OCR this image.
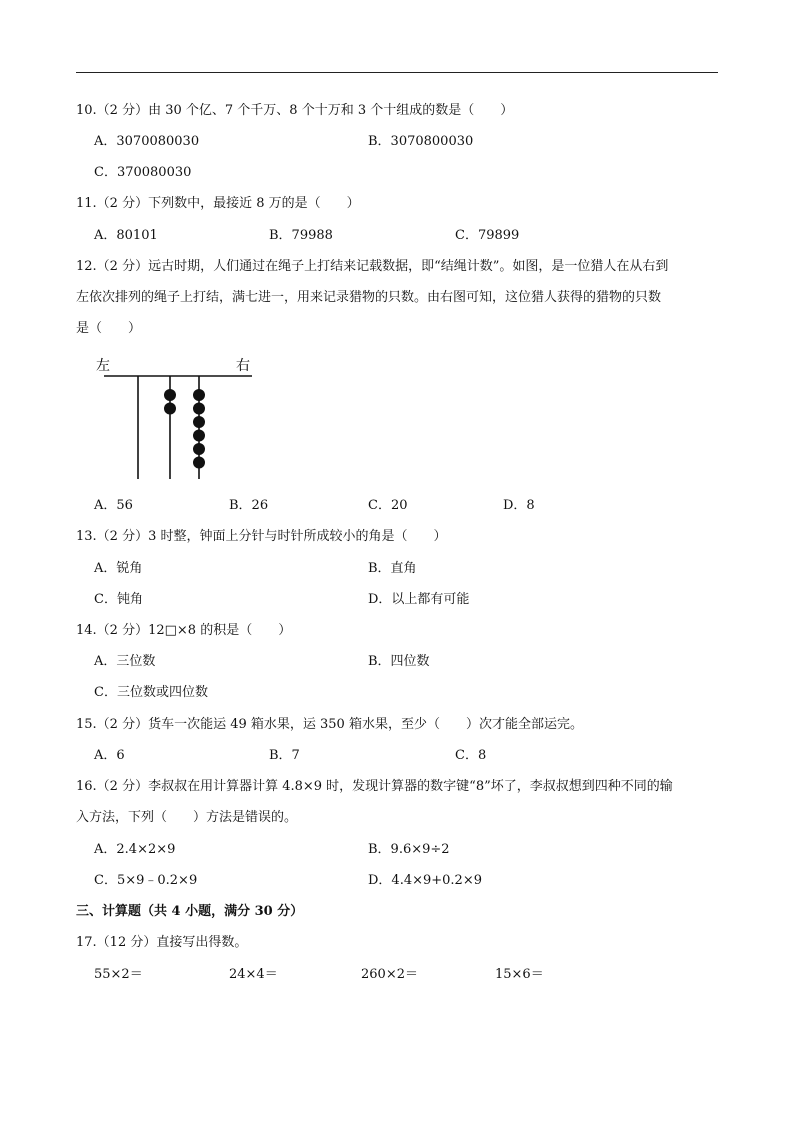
10.（2 分）由 30 个亿、7 个千万、8 个十万和 3 个十组成的数是（　　）
A．3070080030	B．3070800030
C．370080030
11.（2 分）下列数中，最接近 8 万的是（　　）
A．80101	B．79988	C．79899
12.（2 分）远古时期，人们通过在绳子上打结来记载数据，即“结绳计数”。如图，是一位猎人在从右到
左依次排列的绳子上打结，满七进一，用来记录猎物的只数。由右图可知，这位猎人获得的猎物的只数
是（　　）
左	右
A．56	B．26	C．20	D．8
13.（2 分）3 时整，钟面上分针与时针所成较小的角是（　　）
A．锐角	B．直角
C．钝角	D．以上都有可能
14.（2 分）12□×8 的积是（　　）
A．三位数	B．四位数
C．三位数或四位数
15.（2 分）货车一次能运 49 箱水果，运 350 箱水果，至少（　　）次才能全部运完。
A．6	B．7	C．8
16.（2 分）李叔叔在用计算器计算 4.8×9 时，发现计算器的数字键“8”坏了，李叔叔想到四种不同的输
入方法，下列（　　）方法是错误的。
A．2.4×2×9	B．9.6×9÷2
C．5×9﹣0.2×9	D．4.4×9+0.2×9
三、计算题（共 4 小题，满分 30 分）
17.（12 分）直接写出得数。
55×2＝	24×4＝	260×2＝	15×6＝
